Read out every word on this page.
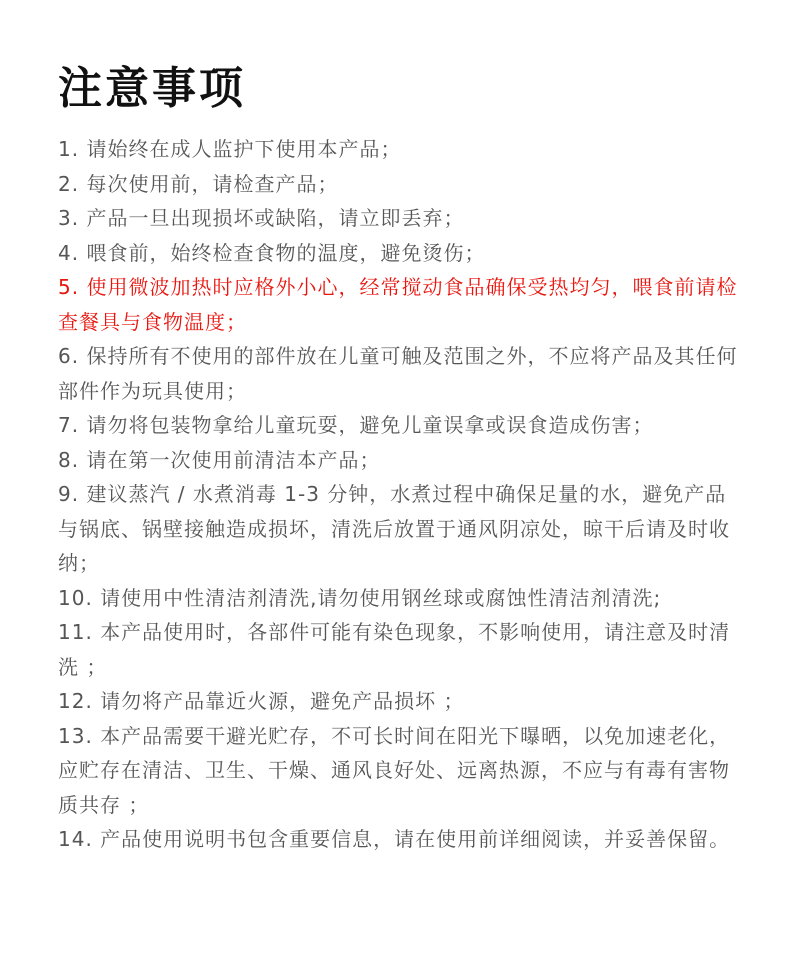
注意事项
1. 请始终在成人监护下使用本产品；
2. 每次使用前，请检查产品；
3. 产品一旦出现损坏或缺陷，请立即丢弃；
4. 喂食前，始终检查食物的温度，避免烫伤；
5. 使用微波加热时应格外小心，经常搅动食品确保受热均匀，喂食前请检查餐具与食物温度；
6. 保持所有不使用的部件放在儿童可触及范围之外，不应将产品及其任何部件作为玩具使用；
7. 请勿将包装物拿给儿童玩耍，避免儿童误拿或误食造成伤害；
8. 请在第一次使用前清洁本产品；
9. 建议蒸汽 / 水煮消毒 1-3 分钟，水煮过程中确保足量的水，避免产品与锅底、锅壁接触造成损坏，清洗后放置于通风阴凉处，晾干后请及时收纳；
10. 请使用中性清洁剂清洗,请勿使用钢丝球或腐蚀性清洁剂清洗;
11. 本产品使用时，各部件可能有染色现象，不影响使用，请注意及时清洗 ；
12. 请勿将产品靠近火源，避免产品损坏 ；
13. 本产品需要干避光贮存，不可长时间在阳光下曝晒，以免加速老化，应贮存在清洁、卫生、干燥、通风良好处、远离热源，不应与有毒有害物质共存 ；
14. 产品使用说明书包含重要信息，请在使用前详细阅读，并妥善保留。
